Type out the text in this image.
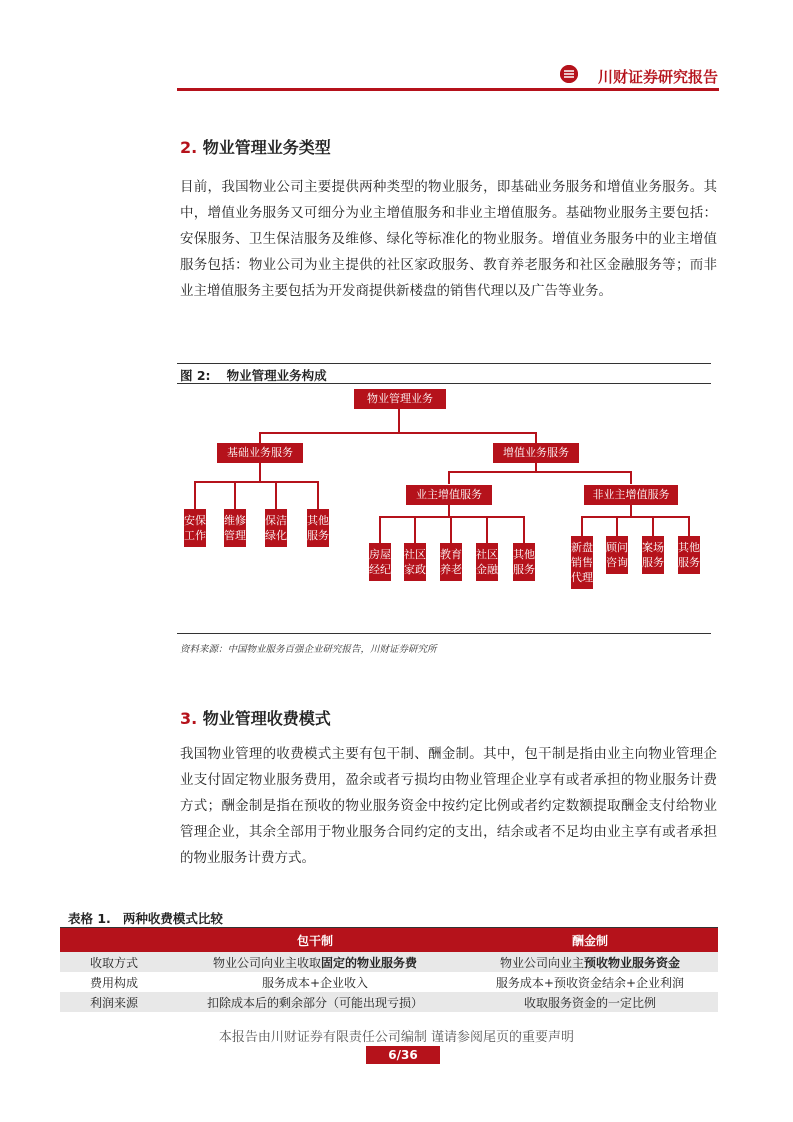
川财证券研究报告
2. 物业管理业务类型
目前，我国物业公司主要提供两种类型的物业服务，即基础业务服务和增值业务服务。其中，增值业务服务又可细分为业主增值服务和非业主增值服务。基础物业服务主要包括：安保服务、卫生保洁服务及维修、绿化等标准化的物业服务。增值业务服务中的业主增值服务包括：物业公司为业主提供的社区家政服务、教育养老服务和社区金融服务等；而非业主增值服务主要包括为开发商提供新楼盘的销售代理以及广告等业务。
图 2: 物业管理业务构成
物业管理业务
基础业务服务	增值业务服务
业主增值服务	非业主增值服务
安保工作
维修管理
保洁绿化
其他服务
房屋经纪
社区家政
教育养老
社区金融
其他服务
新盘销售代理
顾问咨询
案场服务
其他服务
资料来源：中国物业服务百强企业研究报告，川财证券研究所
3. 物业管理收费模式
我国物业管理的收费模式主要有包干制、酬金制。其中，包干制是指由业主向物业管理企业支付固定物业服务费用，盈余或者亏损均由物业管理企业享有或者承担的物业服务计费方式；酬金制是指在预收的物业服务资金中按约定比例或者约定数额提取酬金支付给物业管理企业，其余全部用于物业服务合同约定的支出，结余或者不足均由业主享有或者承担的物业服务计费方式。
表格 1. 两种收费模式比较
	包干制	酬金制
收取方式	物业公司向业主收取固定的物业服务费	物业公司向业主预收物业服务资金
费用构成	服务成本+企业收入	服务成本+预收资金结余+企业利润
利润来源	扣除成本后的剩余部分（可能出现亏损）	收取服务资金的一定比例
本报告由川财证券有限责任公司编制 谨请参阅尾页的重要声明
6/36
